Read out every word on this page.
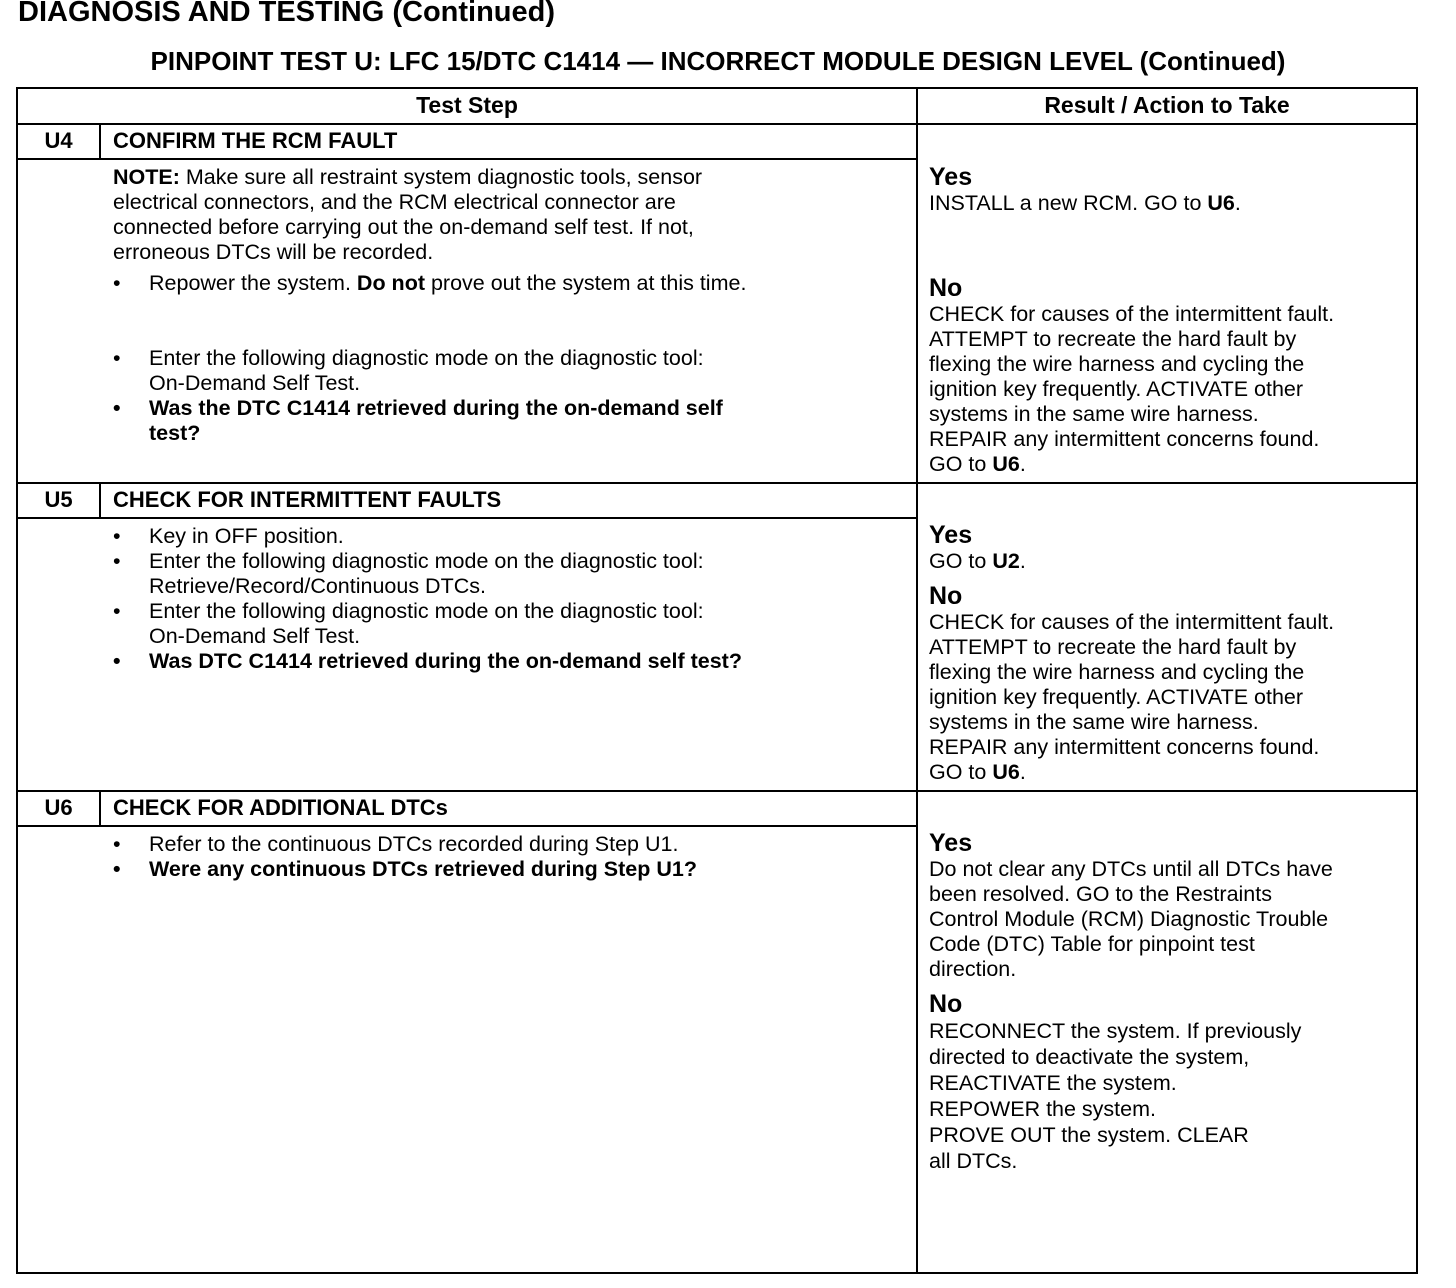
DIAGNOSIS AND TESTING (Continued)
PINPOINT TEST U: LFC 15/DTC C1414 — INCORRECT MODULE DESIGN LEVEL (Continued)
Test Step	Result / Action to Take
U4	CONFIRM THE RCM FAULT
NOTE: Make sure all restraint system diagnostic tools, sensor
electrical connectors, and the RCM electrical connector are
connected before carrying out the on-demand self test. If not,
erroneous DTCs will be recorded.
• Repower the system. Do not prove out the system at this time.
• Enter the following diagnostic mode on the diagnostic tool:
On-Demand Self Test.
• Was the DTC C1414 retrieved during the on-demand self
test?
Yes
INSTALL a new RCM. GO to U6.
No
CHECK for causes of the intermittent fault.
ATTEMPT to recreate the hard fault by
flexing the wire harness and cycling the
ignition key frequently. ACTIVATE other
systems in the same wire harness.
REPAIR any intermittent concerns found.
GO to U6.
U5	CHECK FOR INTERMITTENT FAULTS
• Key in OFF position.
• Enter the following diagnostic mode on the diagnostic tool:
Retrieve/Record/Continuous DTCs.
• Enter the following diagnostic mode on the diagnostic tool:
On-Demand Self Test.
• Was DTC C1414 retrieved during the on-demand self test?
Yes
GO to U2.
No
CHECK for causes of the intermittent fault.
ATTEMPT to recreate the hard fault by
flexing the wire harness and cycling the
ignition key frequently. ACTIVATE other
systems in the same wire harness.
REPAIR any intermittent concerns found.
GO to U6.
U6	CHECK FOR ADDITIONAL DTCs
• Refer to the continuous DTCs recorded during Step U1.
• Were any continuous DTCs retrieved during Step U1?
Yes
Do not clear any DTCs until all DTCs have
been resolved. GO to the Restraints
Control Module (RCM) Diagnostic Trouble
Code (DTC) Table for pinpoint test
direction.
No
RECONNECT the system. If previously
directed to deactivate the system,
REACTIVATE the system.
REPOWER the system.
PROVE OUT the system. CLEAR
all DTCs.
